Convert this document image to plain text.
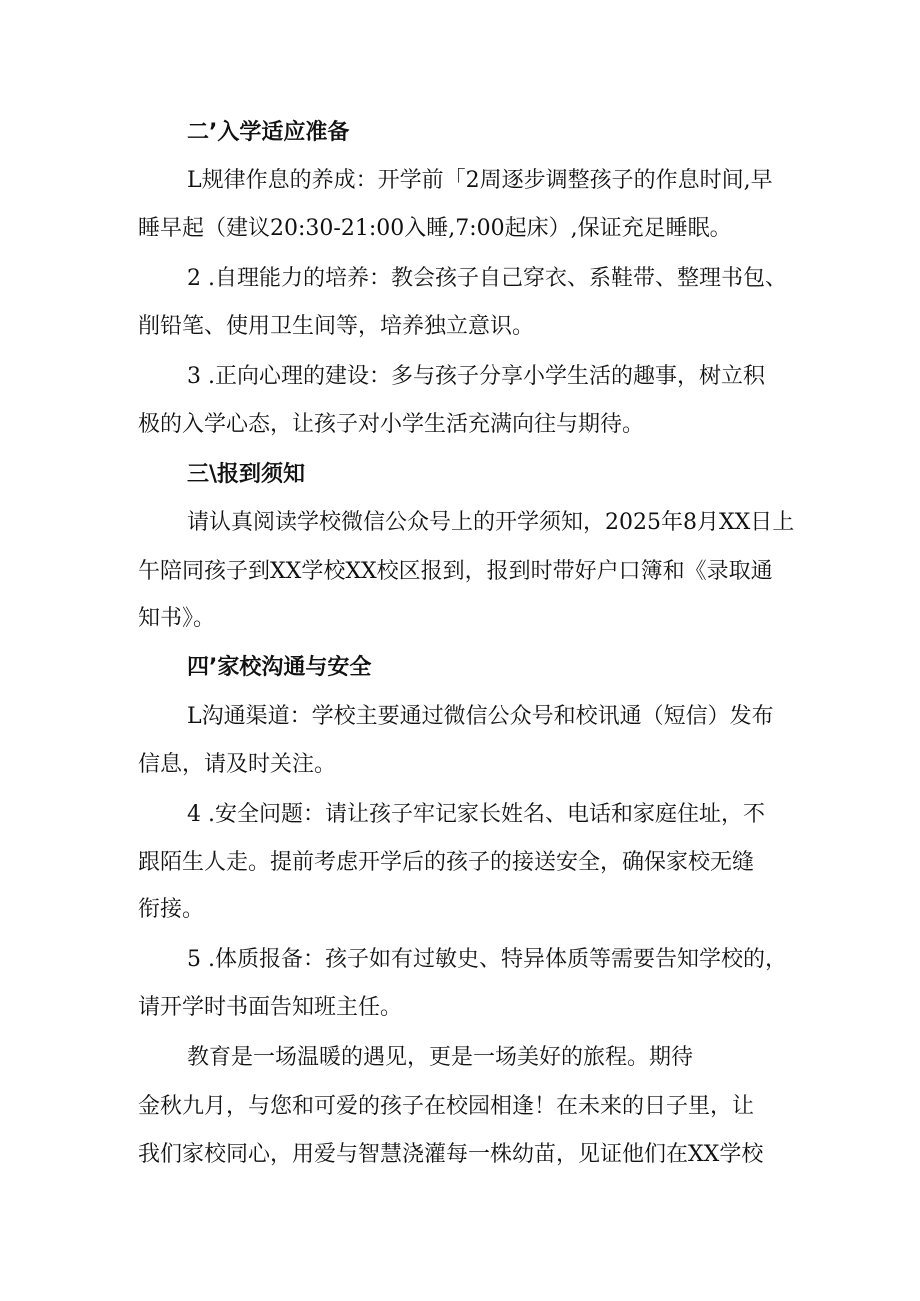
二’入学适应准备
L规律作息的养成：开学前「2周逐步调整孩子的作息时间,早
睡早起（建议20:30-21:00入睡,7:00起床）,保证充足睡眠。
2 .自理能力的培养：教会孩子自己穿衣、系鞋带、整理书包、
削铅笔、使用卫生间等，培养独立意识。
3 .正向心理的建设：多与孩子分享小学生活的趣事，树立积
极的入学心态，让孩子对小学生活充满向往与期待。
三\报到须知
请认真阅读学校微信公众号上的开学须知，2025年8月XX日上
午陪同孩子到XX学校XX校区报到，报到时带好户口簿和《录取通
知书》。
四’家校沟通与安全
L沟通渠道：学校主要通过微信公众号和校讯通（短信）发布
信息，请及时关注。
4 .安全问题：请让孩子牢记家长姓名、电话和家庭住址，不
跟陌生人走。提前考虑开学后的孩子的接送安全，确保家校无缝
衔接。
5 .体质报备：孩子如有过敏史、特异体质等需要告知学校的，
请开学时书面告知班主任。
教育是一场温暖的遇见，更是一场美好的旅程。期待
金秋九月，与您和可爱的孩子在校园相逢！在未来的日子里，让
我们家校同心，用爱与智慧浇灌每一株幼苗，见证他们在XX学校
